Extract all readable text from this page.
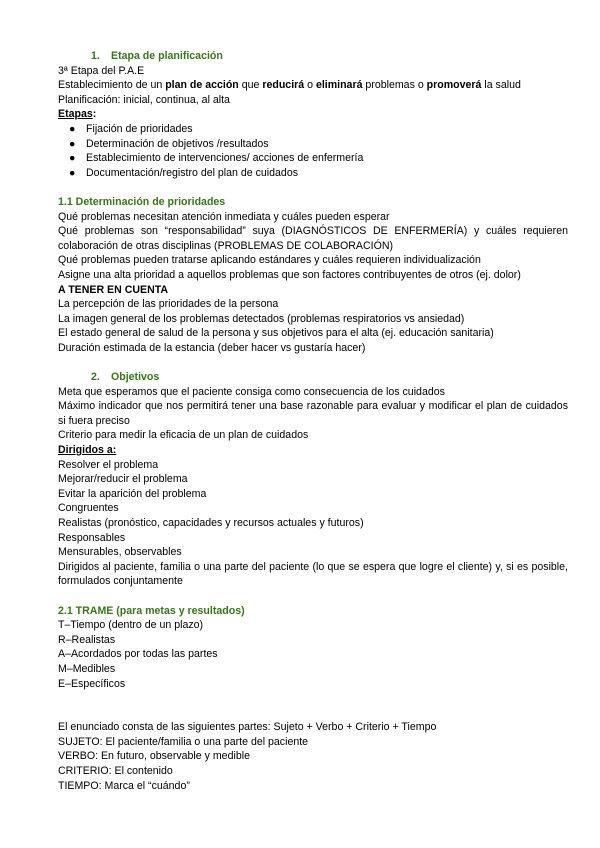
1. Etapa de planificación
3ª Etapa del P.A.E
Establecimiento de un plan de acción que reducirá o eliminará problemas o promoverá la salud
Planificación: inicial, continua, al alta
Etapas:
● Fijación de prioridades
● Determinación de objetivos /resultados
● Establecimiento de intervenciones/ acciones de enfermería
● Documentación/registro del plan de cuidados
1.1 Determinación de prioridades
Qué problemas necesitan atención inmediata y cuáles pueden esperar
Qué problemas son “responsabilidad” suya (DIAGNÓSTICOS DE ENFERMERÍA) y cuáles requieren colaboración de otras disciplinas (PROBLEMAS DE COLABORACIÓN)
Qué problemas pueden tratarse aplicando estándares y cuáles requieren individualización
Asigne una alta prioridad a aquellos problemas que son factores contribuyentes de otros (ej. dolor)
A TENER EN CUENTA
La percepción de las prioridades de la persona
La imagen general de los problemas detectados (problemas respiratorios vs ansiedad)
El estado general de salud de la persona y sus objetivos para el alta (ej. educación sanitaria)
Duración estimada de la estancia (deber hacer vs gustaría hacer)
2. Objetivos
Meta que esperamos que el paciente consiga como consecuencia de los cuidados
Máximo indicador que nos permitirá tener una base razonable para evaluar y modificar el plan de cuidados si fuera preciso
Criterio para medir la eficacia de un plan de cuidados
Dirigidos a:
Resolver el problema
Mejorar/reducir el problema
Evitar la aparición del problema
Congruentes
Realistas (pronóstico, capacidades y recursos actuales y futuros)
Responsables
Mensurables, observables
Dirigidos al paciente, familia o una parte del paciente (lo que se espera que logre el cliente) y, si es posible, formulados conjuntamente
2.1 TRAME (para metas y resultados)
T–Tiempo (dentro de un plazo)
R–Realistas
A–Acordados por todas las partes
M–Medibles
E–Específicos
El enunciado consta de las siguientes partes: Sujeto + Verbo + Criterio + Tiempo
SUJETO: El paciente/familia o una parte del paciente
VERBO: En futuro, observable y medible
CRITERIO: El contenido
TIEMPO: Marca el “cuándo”
